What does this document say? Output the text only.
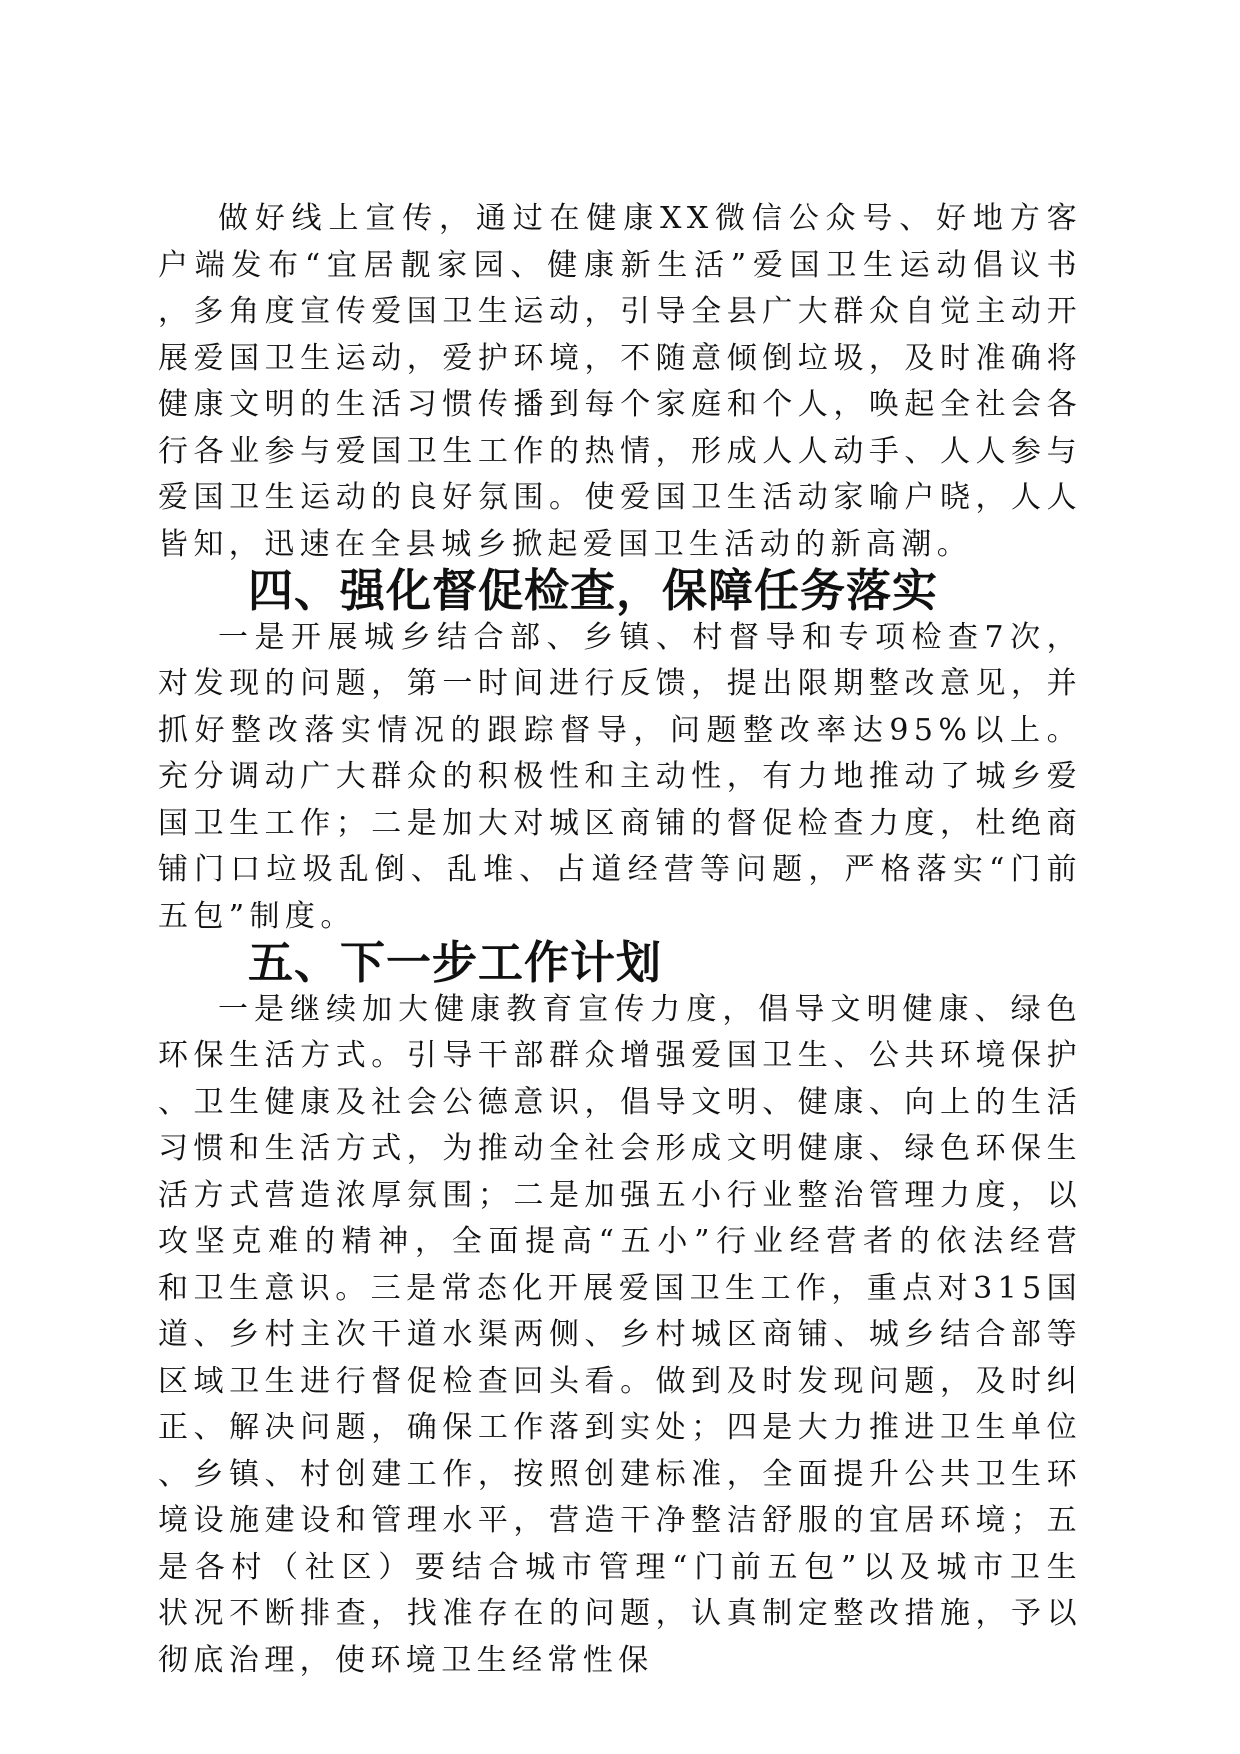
做好线上宣传，通过在健康XX微信公众号、好地方客户端发布“宜居靓家园、健康新生活”爱国卫生运动倡议书，多角度宣传爱国卫生运动，引导全县广大群众自觉主动开展爱国卫生运动，爱护环境，不随意倾倒垃圾，及时准确将健康文明的生活习惯传播到每个家庭和个人，唤起全社会各行各业参与爱国卫生工作的热情，形成人人动手、人人参与爱国卫生运动的良好氛围。使爱国卫生活动家喻户晓，人人皆知，迅速在全县城乡掀起爱国卫生活动的新高潮。

四、强化督促检查，保障任务落实

一是开展城乡结合部、乡镇、村督导和专项检查7次，对发现的问题，第一时间进行反馈，提出限期整改意见，并抓好整改落实情况的跟踪督导，问题整改率达95%以上。充分调动广大群众的积极性和主动性，有力地推动了城乡爱国卫生工作；二是加大对城区商铺的督促检查力度，杜绝商铺门口垃圾乱倒、乱堆、占道经营等问题，严格落实“门前五包”制度。

五、下一步工作计划

一是继续加大健康教育宣传力度，倡导文明健康、绿色环保生活方式。引导干部群众增强爱国卫生、公共环境保护、卫生健康及社会公德意识，倡导文明、健康、向上的生活习惯和生活方式，为推动全社会形成文明健康、绿色环保生活方式营造浓厚氛围；二是加强五小行业整治管理力度，以攻坚克难的精神，全面提高“五小”行业经营者的依法经营和卫生意识。三是常态化开展爱国卫生工作，重点对315国道、乡村主次干道水渠两侧、乡村城区商铺、城乡结合部等区域卫生进行督促检查回头看。做到及时发现问题，及时纠正、解决问题，确保工作落到实处；四是大力推进卫生单位、乡镇、村创建工作，按照创建标准，全面提升公共卫生环境设施建设和管理水平，营造干净整洁舒服的宜居环境；五是各村（社区）要结合城市管理“门前五包”以及城市卫生状况不断排查，找准存在的问题，认真制定整改措施，予以彻底治理，使环境卫生经常性保
